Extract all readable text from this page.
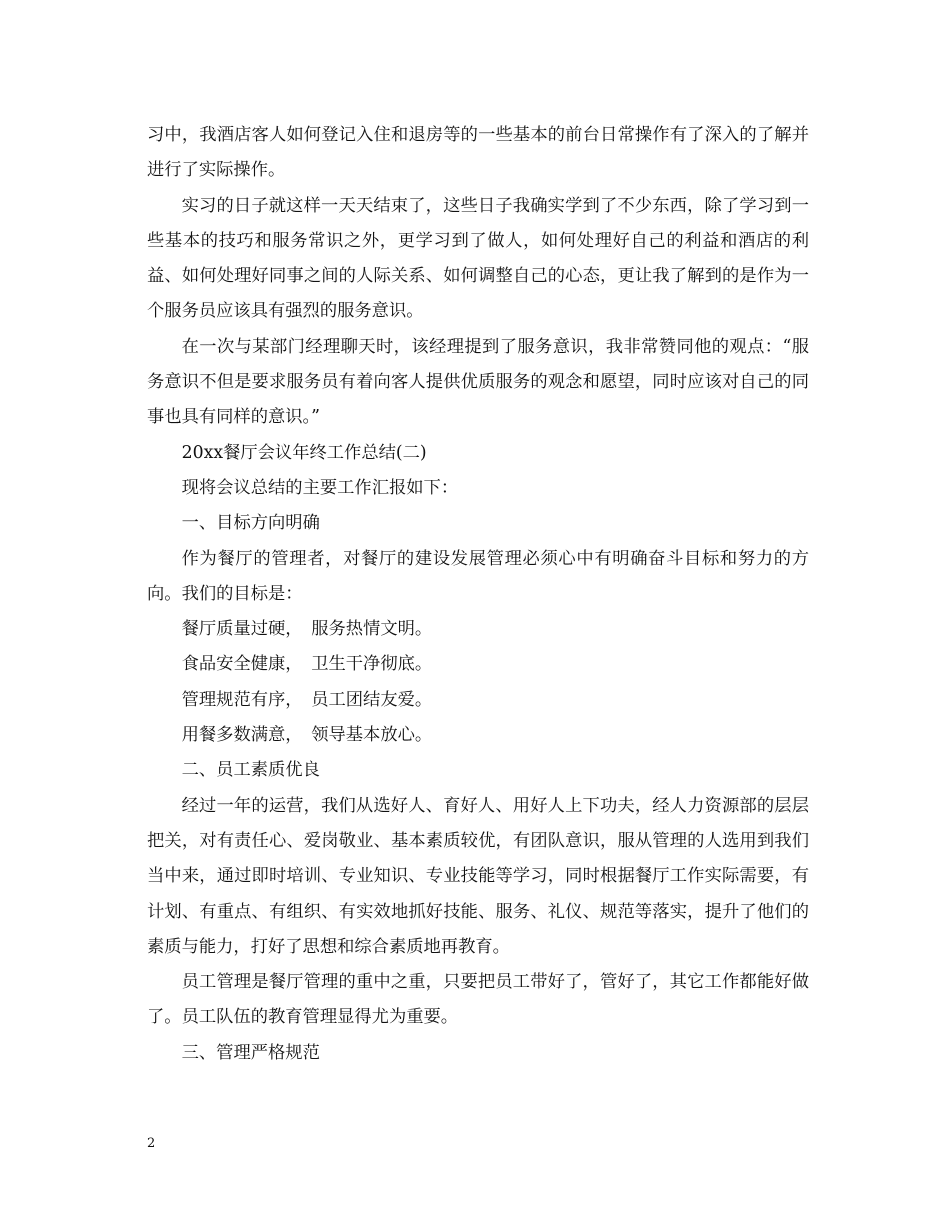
习中，我酒店客人如何登记入住和退房等的一些基本的前台日常操作有了深入的了解并进行了实际操作。

实习的日子就这样一天天结束了，这些日子我确实学到了不少东西，除了学习到一些基本的技巧和服务常识之外，更学习到了做人，如何处理好自己的利益和酒店的利益、如何处理好同事之间的人际关系、如何调整自己的心态，更让我了解到的是作为一个服务员应该具有强烈的服务意识。

在一次与某部门经理聊天时，该经理提到了服务意识，我非常赞同他的观点：“服务意识不但是要求服务员有着向客人提供优质服务的观念和愿望，同时应该对自己的同事也具有同样的意识。”

20xx餐厅会议年终工作总结(二)

现将会议总结的主要工作汇报如下：

一、目标方向明确

作为餐厅的管理者，对餐厅的建设发展管理必须心中有明确奋斗目标和努力的方向。我们的目标是：

餐厅质量过硬，　服务热情文明。

食品安全健康，　卫生干净彻底。

管理规范有序，　员工团结友爱。

用餐多数满意，　领导基本放心。

二、员工素质优良

经过一年的运营，我们从选好人、育好人、用好人上下功夫，经人力资源部的层层把关，对有责任心、爱岗敬业、基本素质较优，有团队意识，服从管理的人选用到我们当中来，通过即时培训、专业知识、专业技能等学习，同时根据餐厅工作实际需要，有计划、有重点、有组织、有实效地抓好技能、服务、礼仪、规范等落实，提升了他们的素质与能力，打好了思想和综合素质地再教育。

员工管理是餐厅管理的重中之重，只要把员工带好了，管好了，其它工作都能好做了。员工队伍的教育管理显得尤为重要。

三、管理严格规范

2
